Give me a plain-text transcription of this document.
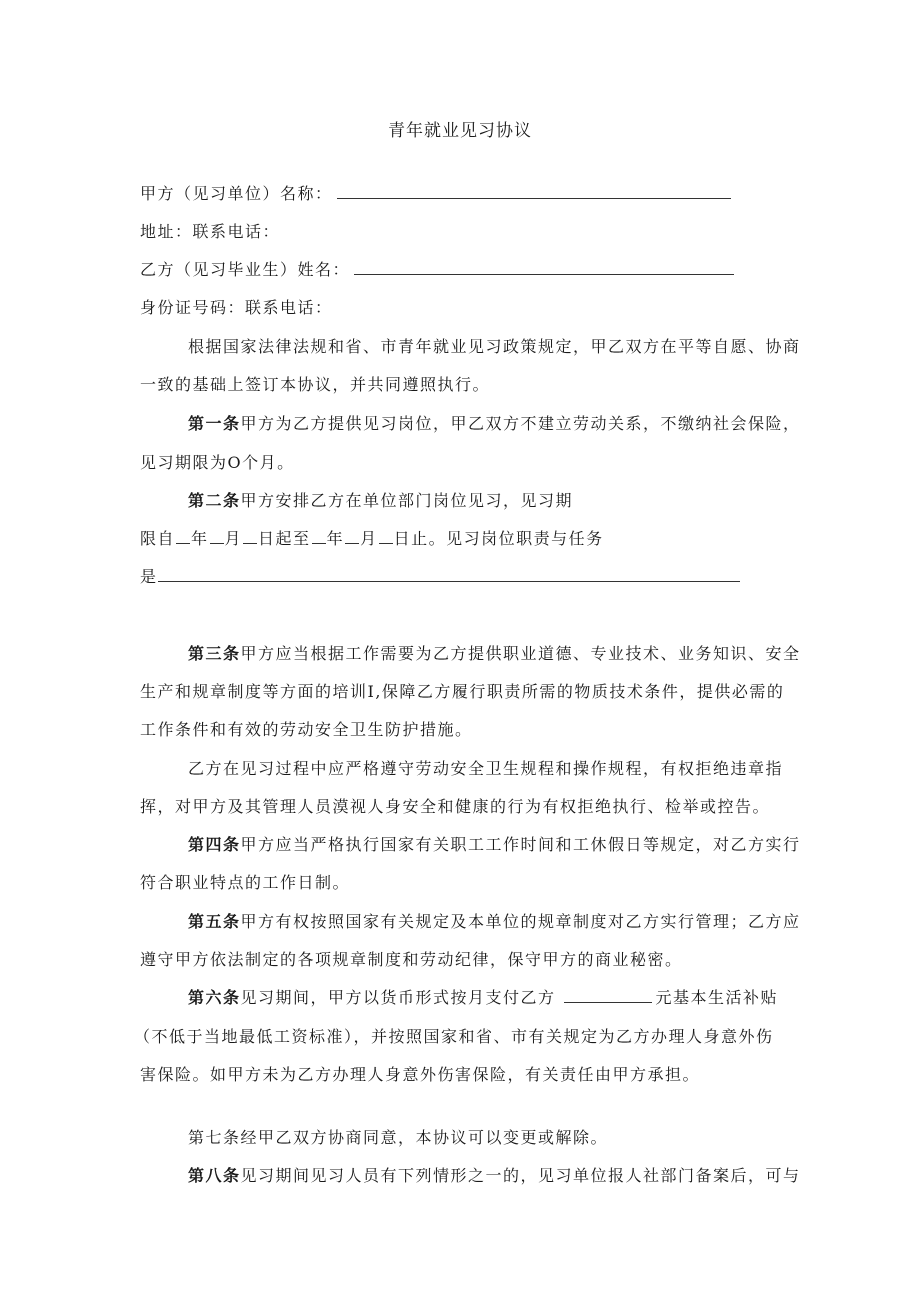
青年就业见习协议
甲方（见习单位）名称：
地址：联系电话：
乙方（见习毕业生）姓名：
身份证号码：联系电话：
根据国家法律法规和省、市青年就业见习政策规定，甲乙双方在平等自愿、协商
一致的基础上签订本协议，并共同遵照执行。
第一条甲方为乙方提供见习岗位，甲乙双方不建立劳动关系，不缴纳社会保险，
见习期限为O个月。
第二条甲方安排乙方在单位部门岗位见习，见习期
限自 年 月 日起至 年 月 日止。见习岗位职责与任务
是
第三条甲方应当根据工作需要为乙方提供职业道德、专业技术、业务知识、安全
生产和规章制度等方面的培训I,保障乙方履行职责所需的物质技术条件，提供必需的
工作条件和有效的劳动安全卫生防护措施。
乙方在见习过程中应严格遵守劳动安全卫生规程和操作规程，有权拒绝违章指
挥，对甲方及其管理人员漠视人身安全和健康的行为有权拒绝执行、检举或控告。
第四条甲方应当严格执行国家有关职工工作时间和工休假日等规定，对乙方实行
符合职业特点的工作日制。
第五条甲方有权按照国家有关规定及本单位的规章制度对乙方实行管理；乙方应
遵守甲方依法制定的各项规章制度和劳动纪律，保守甲方的商业秘密。
第六条见习期间，甲方以货币形式按月支付乙方	元基本生活补贴
（不低于当地最低工资标准），并按照国家和省、市有关规定为乙方办理人身意外伤
害保险。如甲方未为乙方办理人身意外伤害保险，有关责任由甲方承担。
第七条经甲乙双方协商同意，本协议可以变更或解除。
第八条见习期间见习人员有下列情形之一的，见习单位报人社部门备案后，可与
